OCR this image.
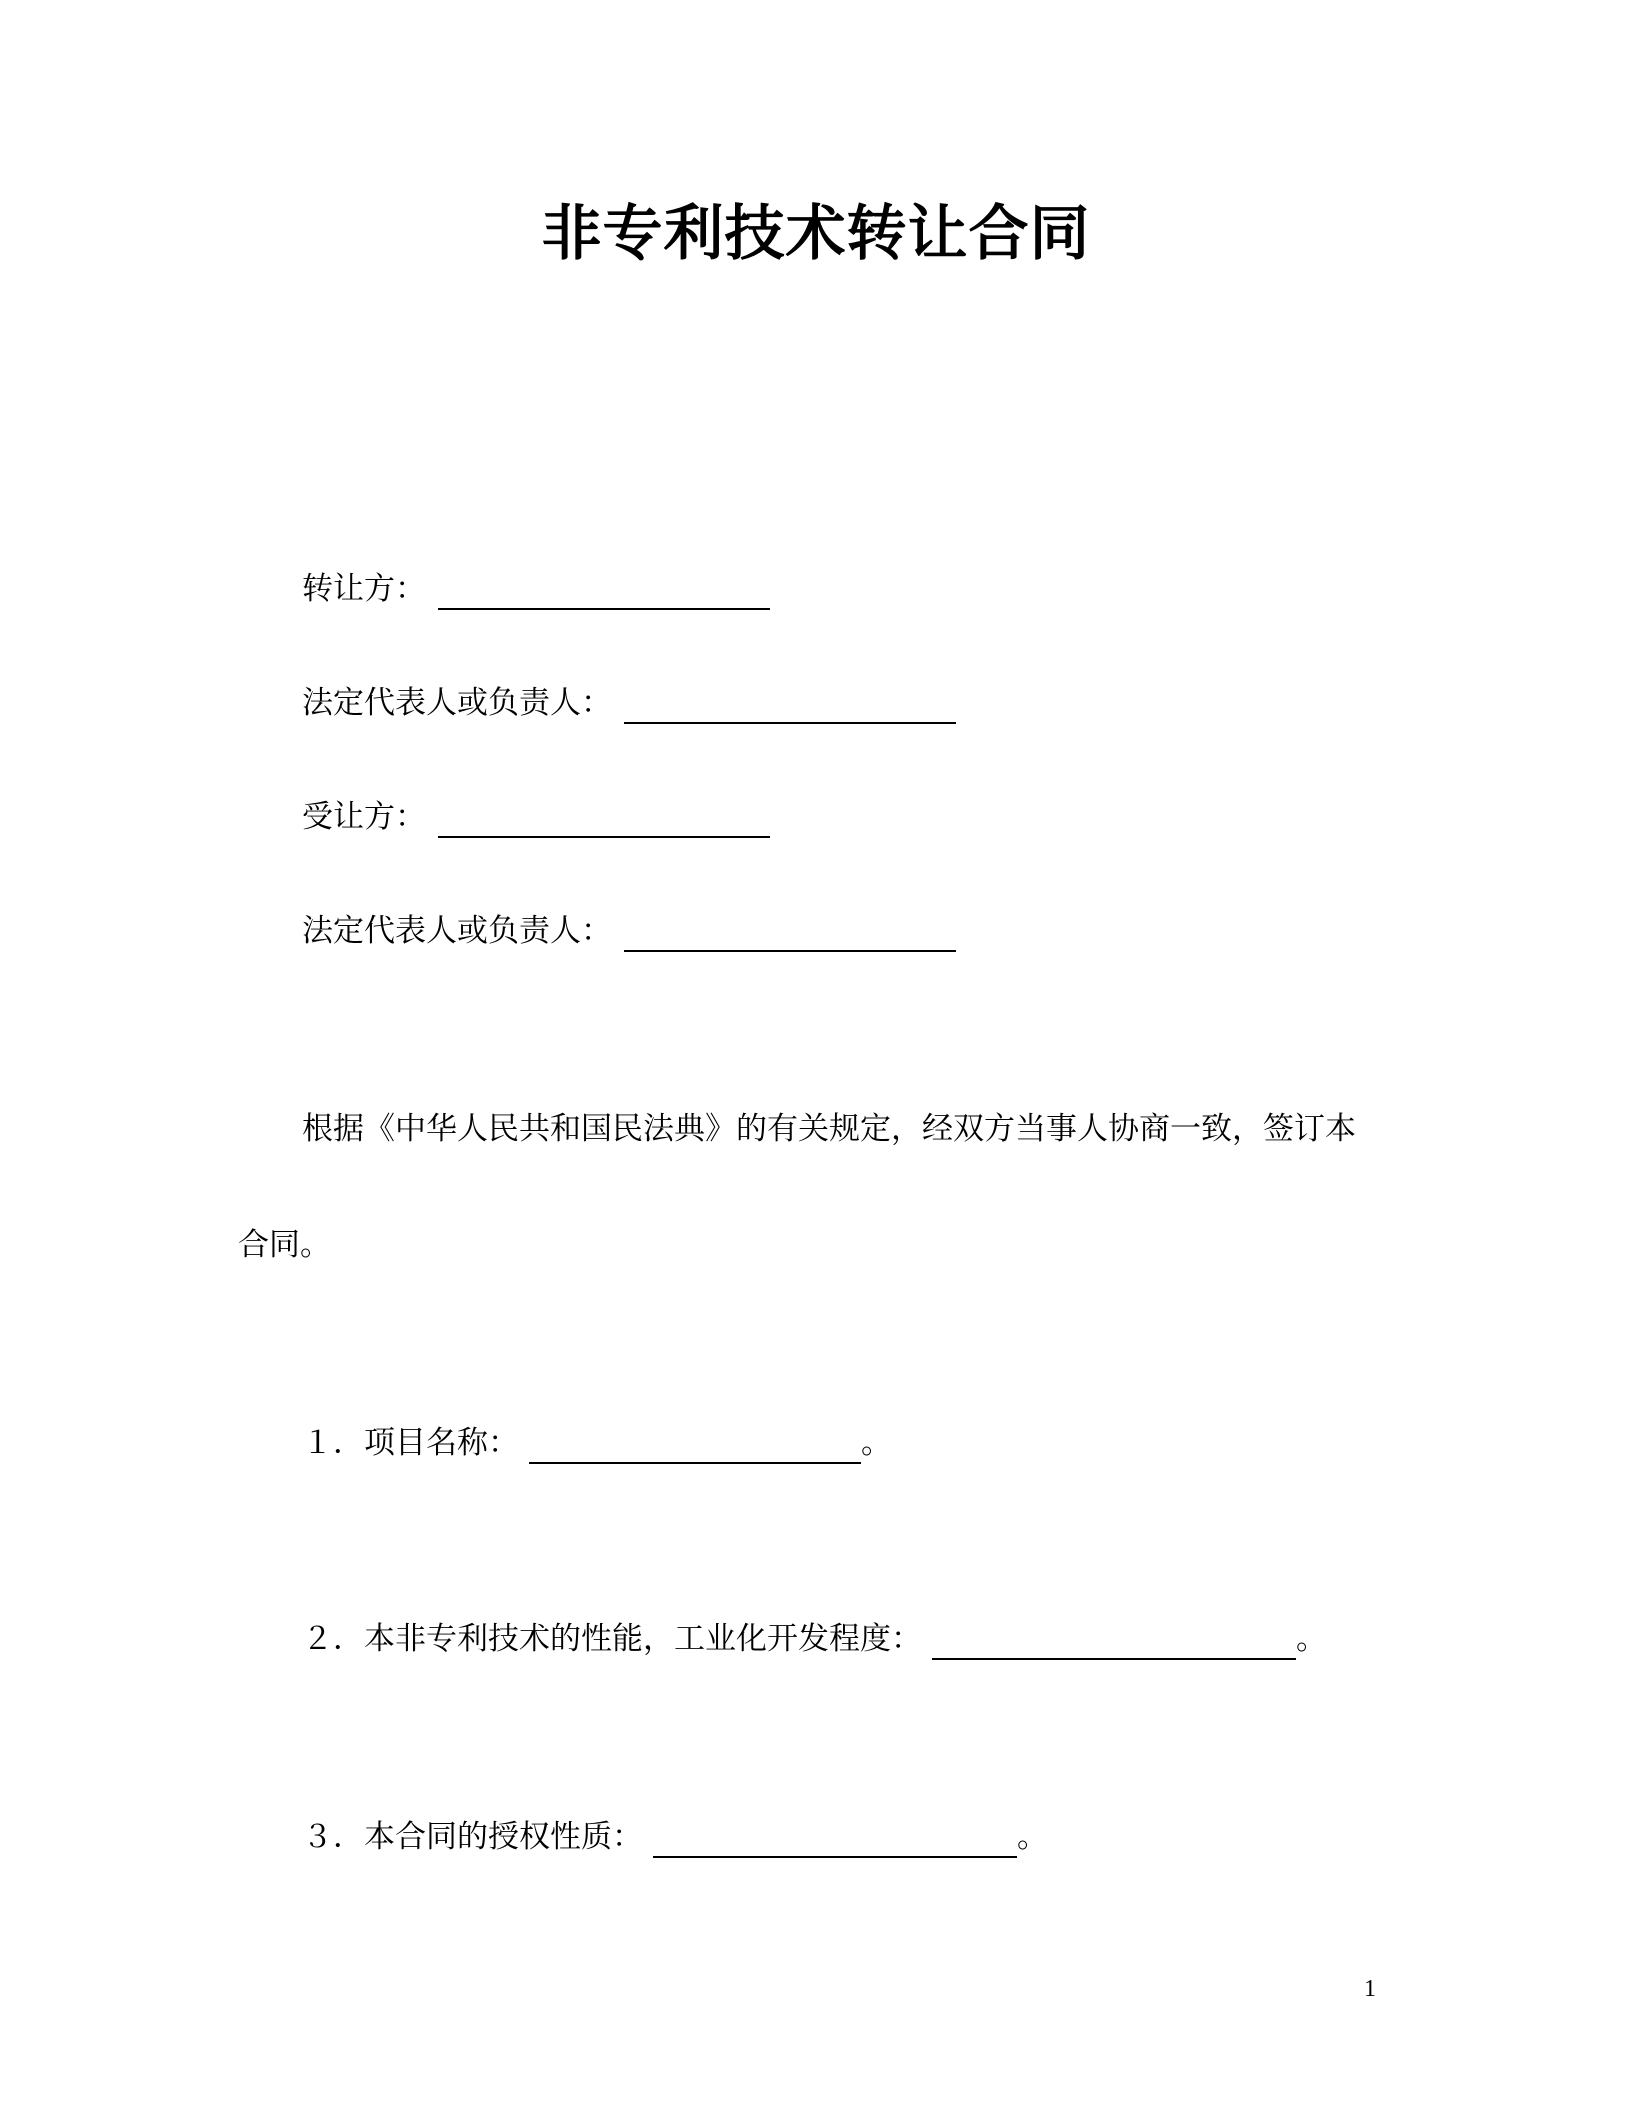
非专利技术转让合同
转让方：
法定代表人或负责人：
受让方：
法定代表人或负责人：
根据《中华人民共和国民法典》的有关规定，经双方当事人协商一致，签订本
合同。
１．项目名称：	。
２．本非专利技术的性能，工业化开发程度：	。
３．本合同的授权性质：	。
1
